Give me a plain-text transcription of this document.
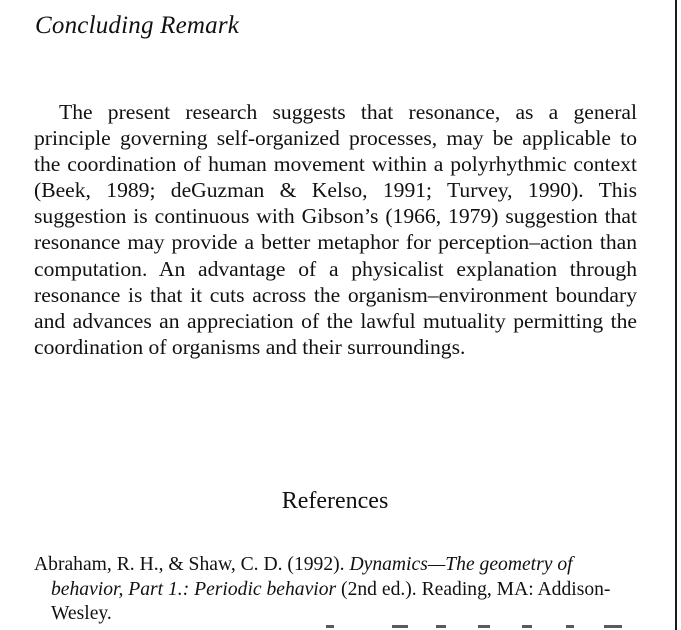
Concluding Remark

The present research suggests that resonance, as a general principle governing self-organized processes, may be applicable to the coordination of human movement within a polyrhythmic context (Beek, 1989; deGuzman & Kelso, 1991; Turvey, 1990). This suggestion is continuous with Gibson’s (1966, 1979) suggestion that resonance may provide a better metaphor for perception–action than computation. An advantage of a physicalist explanation through resonance is that it cuts across the organism–environment boundary and advances an appreciation of the lawful mutuality permitting the coordination of organisms and their surroundings.

References
Abraham, R. H., & Shaw, C. D. (1992). Dynamics—The geometry of behavior, Part 1.: Periodic behavior (2nd ed.). Reading, MA: Addison-Wesley.
